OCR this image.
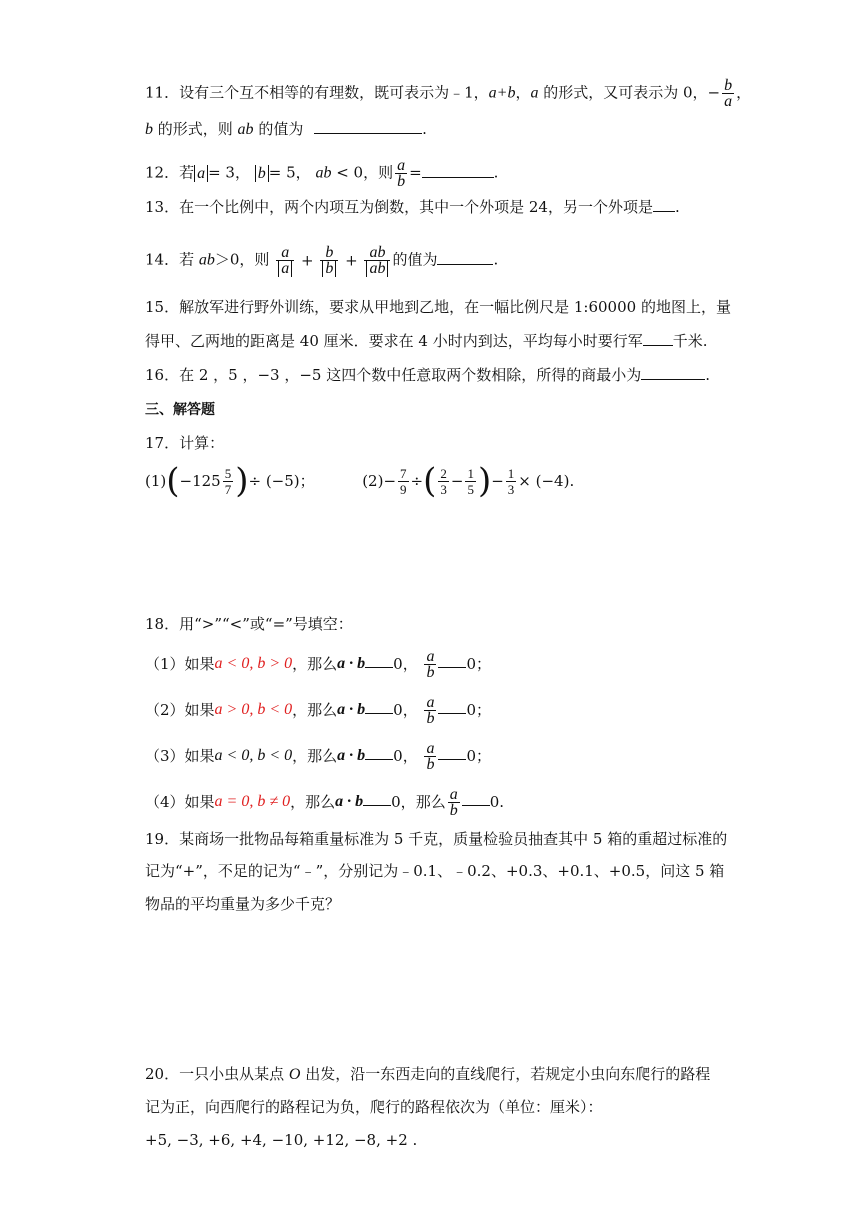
11．设有三个互不相等的有理数，既可表示为﹣1，a+b，a 的形式，又可表示为 0，− $\frac{b}{a}$ ，
b 的形式，则 ab 的值为	.
12．若 a = 3， b = 5， ab < 0，则 $\frac{a}{b}$ =	.
13．在一个比例中，两个内项互为倒数，其中一个外项是 24，另一个外项是 .
14．若 ab＞0，则 $\frac{a}{a} + \frac{b}{b} + \frac{ab}{ab}$ 的值为	.
15．解放军进行野外训练，要求从甲地到乙地，在一幅比例尺是 1:60000 的地图上，量
得甲、乙两地的距离是 40 厘米．要求在 4 小时内到达，平均每小时要行军 千米.
16．在 2 ，5 ，−3 ，−5 这四个数中任意取两个数相除，所得的商最小为	.
三、解答题
17．计算：
$(1)(-125 \frac{5}{7}$ )÷ (−5)；	$(2)- \frac{7}{9}$ ÷( $\frac{2}{3} - \frac{1}{5}$ )− $\frac{1}{3} \times (-4)$.
18．用“>”“<”或“=”号填空：
（1）如果a < 0, b > 0，那么a · b 0， $\frac{a}{b} 0$；
（2）如果a > 0, b < 0，那么a · b 0， $\frac{a}{b} 0$；
（3）如果a < 0, b < 0，那么a · b 0， $\frac{a}{b} 0$；
（4）如果a = 0, b ≠ 0，那么a · b 0，那么 $\frac{a}{b} 0$.
19．某商场一批物品每箱重量标准为 5 千克，质量检验员抽查其中 5 箱的重超过标准的
记为“+”，不足的记为“﹣”，分别记为﹣0.1、﹣0.2、+0.3、+0.1、+0.5，问这 5 箱
物品的平均重量为多少千克？
20．一只小虫从某点 O 出发，沿一东西走向的直线爬行，若规定小虫向东爬行的路程
记为正，向西爬行的路程记为负，爬行的路程依次为（单位：厘米）：
+5, −3, +6, +4, −10, +12, −8, +2 .
